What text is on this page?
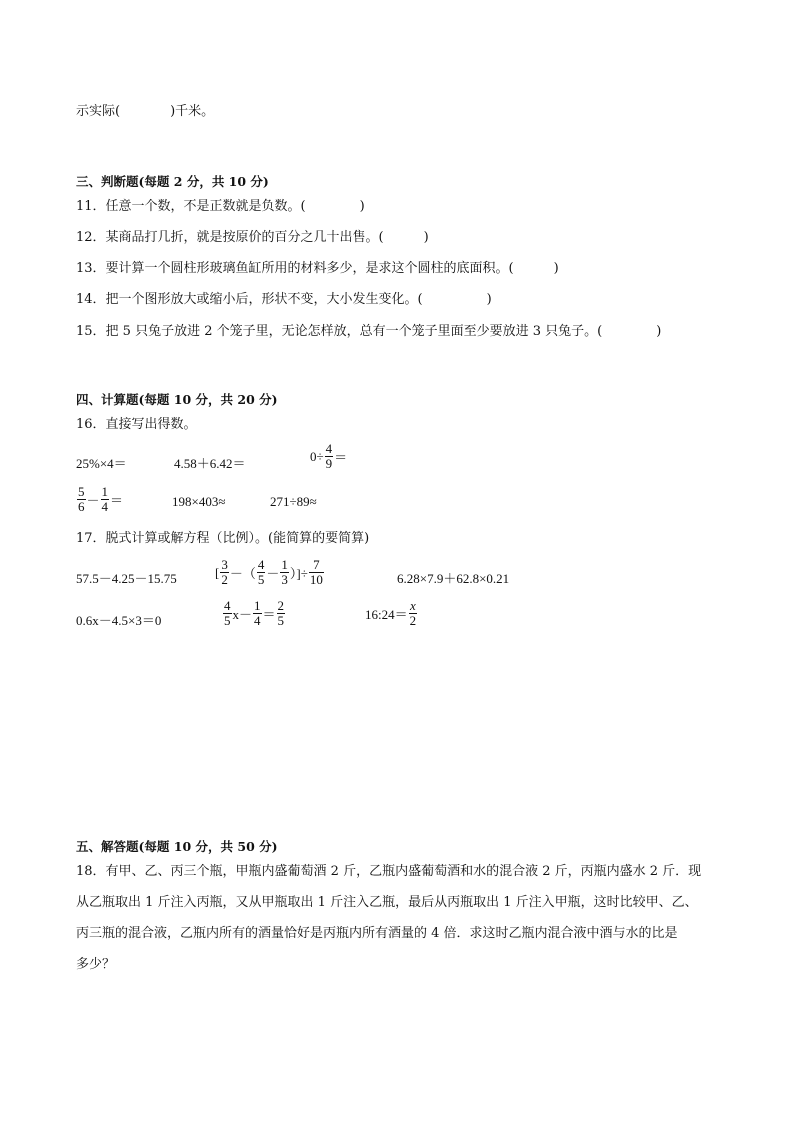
示实际(	)千米。
三、判断题(每题 2 分，共 10 分)
11．任意一个数，不是正数就是负数。(	)
12．某商品打几折，就是按原价的百分之几十出售。(	)
13．要计算一个圆柱形玻璃鱼缸所用的材料多少，是求这个圆柱的底面积。(	)
14．把一个图形放大或缩小后，形状不变，大小发生变化。(	)
15．把 5 只兔子放进 2 个笼子里，无论怎样放，总有一个笼子里面至少要放进 3 只兔子。(	)
四、计算题(每题 10 分，共 20 分)
16．直接写出得数。
25%×4＝	4.58＋6.42＝	$0\div \frac{4}{9}$ ＝
$\frac{5}{6} - \frac{1}{4}$ ＝	198×403≈	271÷89≈
17．脱式计算或解方程（比例）。(能简算的要简算)
57.5－4.25－15.75	[ $\frac{3}{2}$ －（ $\frac{4}{5} - \frac{1}{3}$ ）]÷ $\frac{7}{10}$	6.28×7.9＋62.8×0.21
0.6x－4.5×3＝0	$\frac{4}{5} x- \frac{1}{4} = \frac{2}{5}$	16:24＝ $\frac{x}{2}$
五、解答题(每题 10 分，共 50 分)
18．有甲、乙、丙三个瓶，甲瓶内盛葡萄酒 2 斤，乙瓶内盛葡萄酒和水的混合液 2 斤，丙瓶内盛水 2 斤．现
从乙瓶取出 1 斤注入丙瓶，又从甲瓶取出 1 斤注入乙瓶，最后从丙瓶取出 1 斤注入甲瓶，这时比较甲、乙、
丙三瓶的混合液，乙瓶内所有的酒量恰好是丙瓶内所有酒量的 4 倍．求这时乙瓶内混合液中酒与水的比是
多少？
